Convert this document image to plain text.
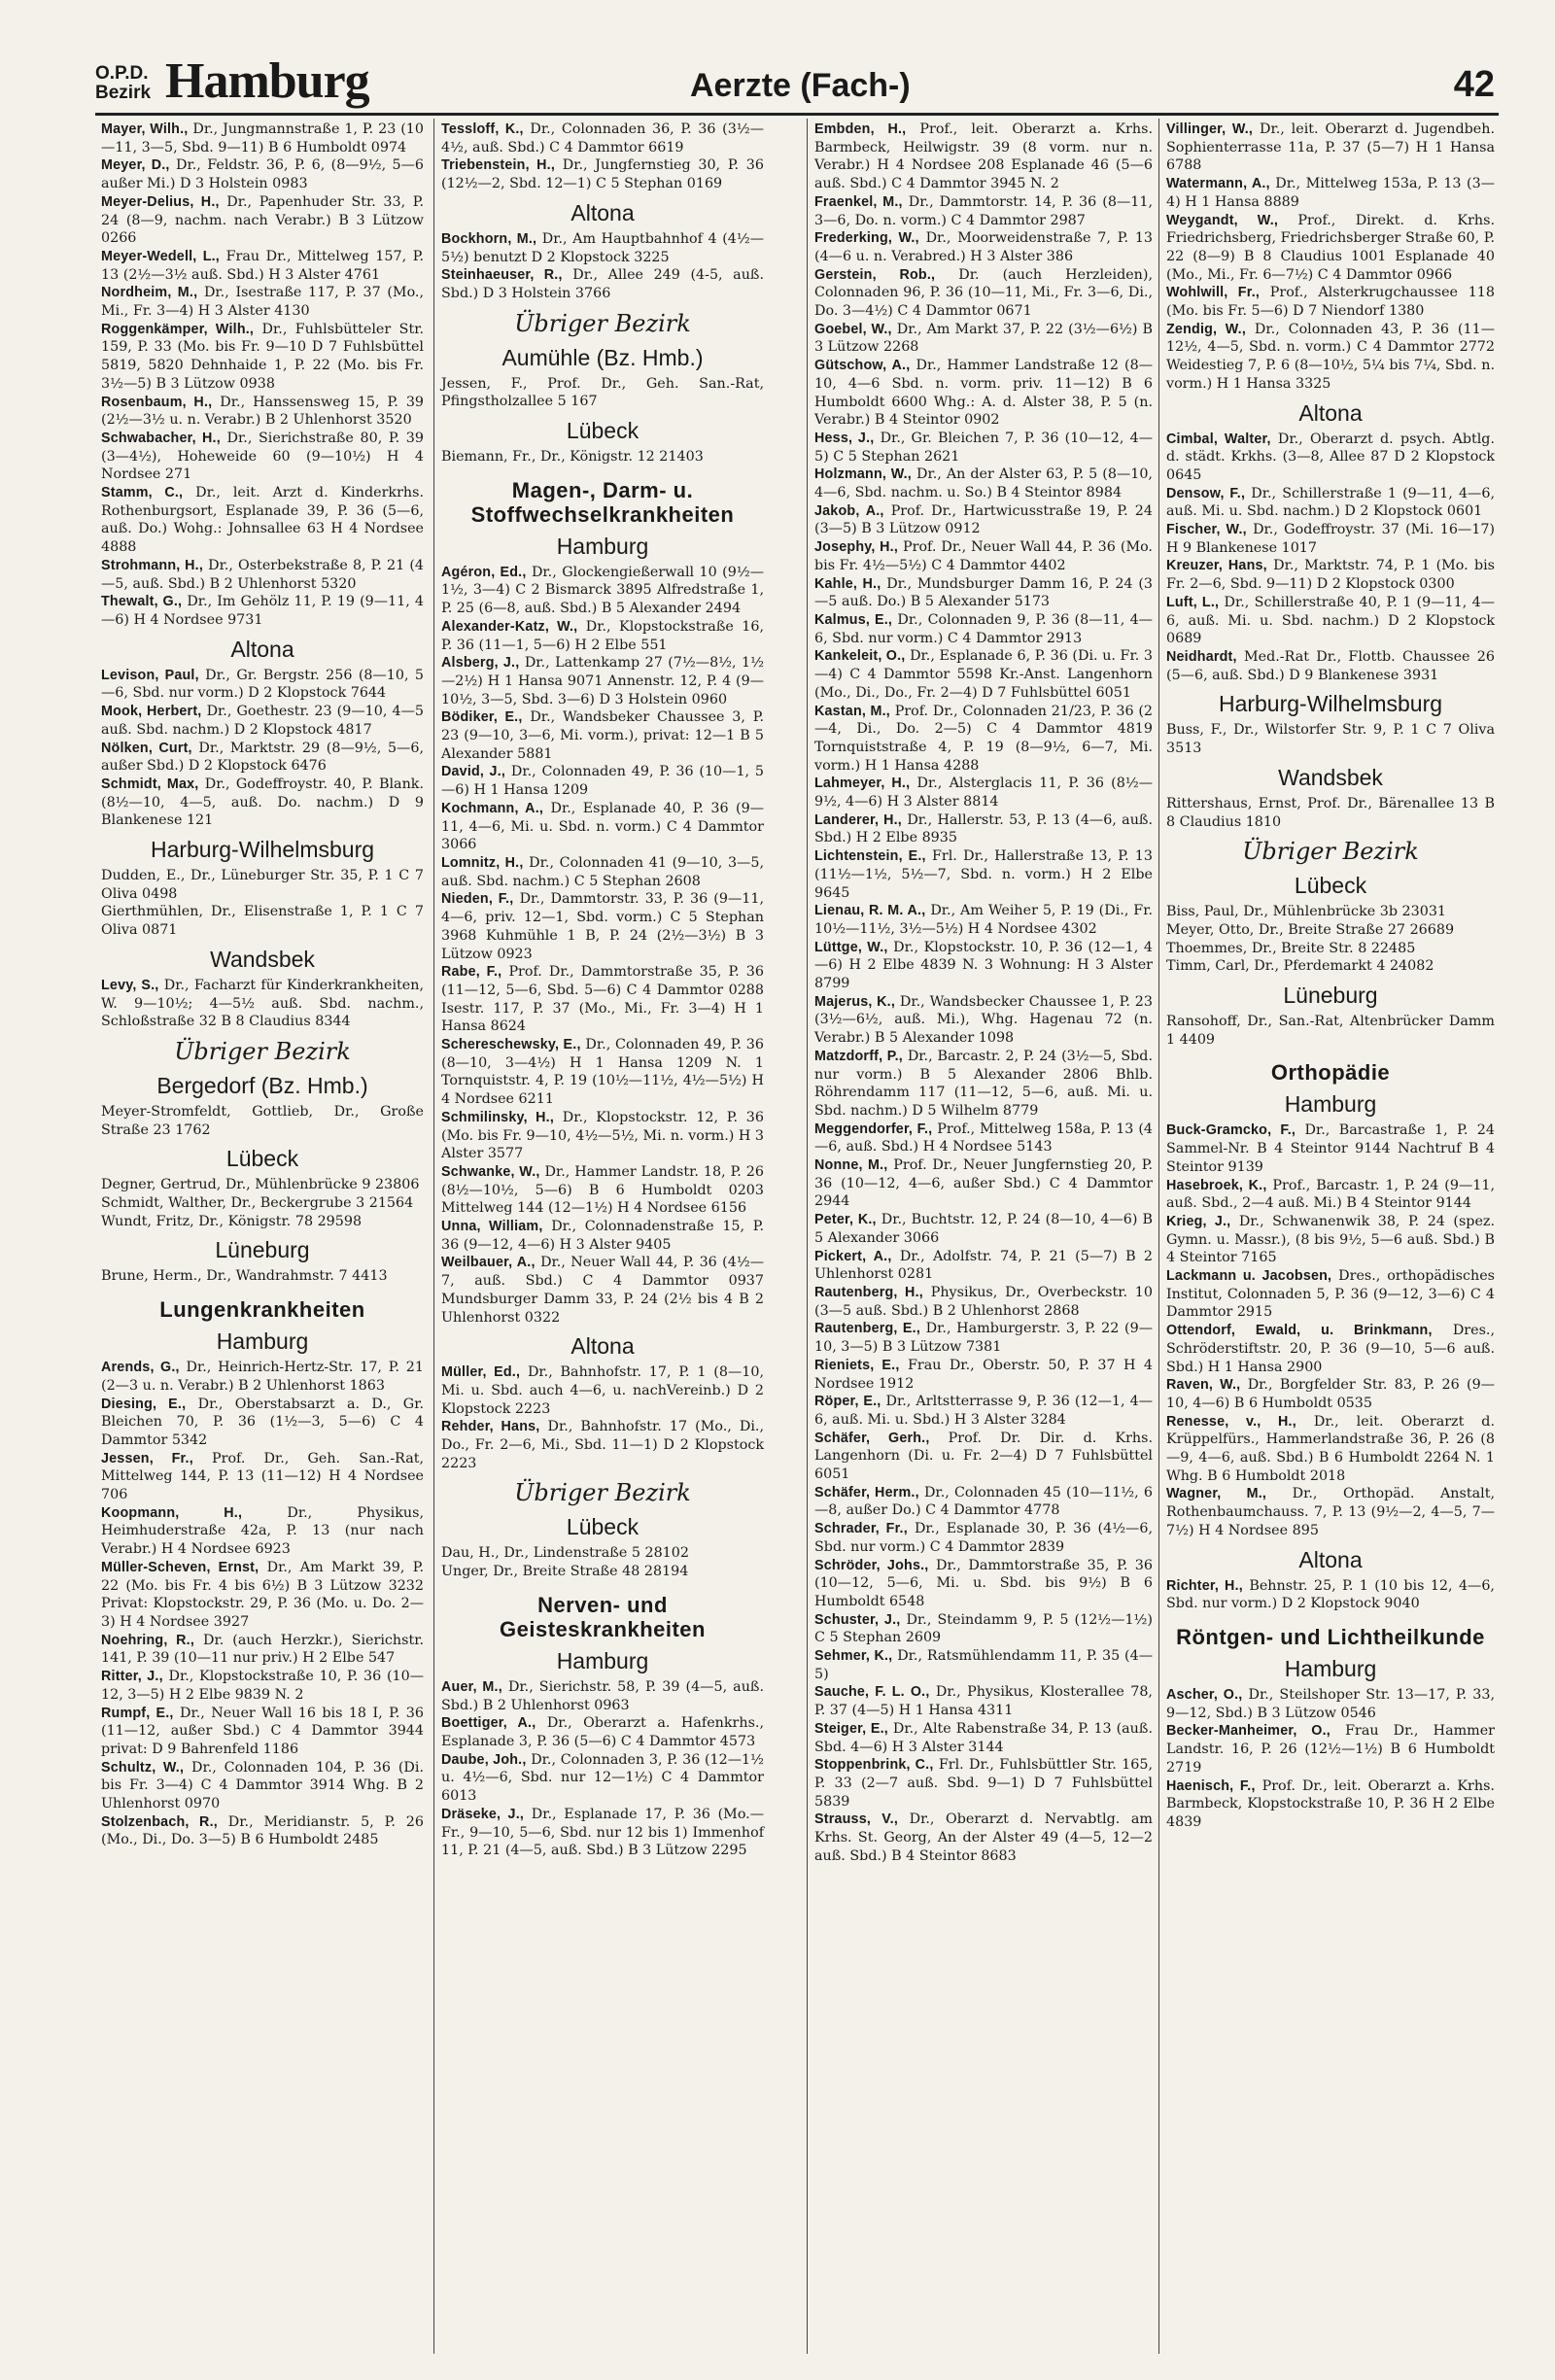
O.P.D.
Bezirk Hamburg	Aerzte (Fach-)	42

Mayer, Wilh., Dr., Jungmannstraße 1, P. 23 (10—11, 3—5, Sbd. 9—11) B 6 Humboldt 0974

Meyer, D., Dr., Feldstr. 36, P. 6, (8—9½, 5—6 außer Mi.) D 3 Holstein 0983

Meyer-Delius, H., Dr., Papenhuder Str. 33, P. 24 (8—9, nachm. nach Verabr.) B 3 Lützow 0266

Meyer-Wedell, L., Frau Dr., Mittelweg 157, P. 13 (2½—3½ auß. Sbd.) H 3 Alster 4761

Nordheim, M., Dr., Isestraße 117, P. 37 (Mo., Mi., Fr. 3—4) H 3 Alster 4130

Roggenkämper, Wilh., Dr., Fuhlsbütteler Str. 159, P. 33 (Mo. bis Fr. 9—10 D 7 Fuhlsbüttel 5819, 5820 Dehnhaide 1, P. 22 (Mo. bis Fr. 3½—5) B 3 Lützow 0938

Rosenbaum, H., Dr., Hanssensweg 15, P. 39 (2½—3½ u. n. Verabr.) B 2 Uhlenhorst 3520

Schwabacher, H., Dr., Sierichstraße 80, P. 39 (3—4½), Hoheweide 60 (9—10½) H 4 Nordsee 271

Stamm, C., Dr., leit. Arzt d. Kinderkrhs. Rothenburgsort, Esplanade 39, P. 36 (5—6, auß. Do.) Wohg.: Johnsallee 63 H 4 Nordsee 4888

Strohmann, H., Dr., Osterbekstraße 8, P. 21 (4—5, auß. Sbd.) B 2 Uhlenhorst 5320

Thewalt, G., Dr., Im Gehölz 11, P. 19 (9—11, 4—6) H 4 Nordsee 9731

Altona

Levison, Paul, Dr., Gr. Bergstr. 256 (8—10, 5—6, Sbd. nur vorm.) D 2 Klopstock 7644

Mook, Herbert, Dr., Goethestr. 23 (9—10, 4—5 auß. Sbd. nachm.) D 2 Klopstock 4817

Nölken, Curt, Dr., Marktstr. 29 (8—9½, 5—6, außer Sbd.) D 2 Klopstock 6476

Schmidt, Max, Dr., Godeffroystr. 40, P. Blank. (8½—10, 4—5, auß. Do. nachm.) D 9 Blankenese 121

Harburg-Wilhelmsburg

Dudden, E., Dr., Lüneburger Str. 35, P. 1 C 7 Oliva 0498

Gierthmühlen, Dr., Elisenstraße 1, P. 1 C 7 Oliva 0871

Wandsbek

Levy, S., Dr., Facharzt für Kinderkrankheiten, W. 9—10½; 4—5½ auß. Sbd. nachm., Schloßstraße 32 B 8 Claudius 8344

Übriger Bezirk
Bergedorf (Bz. Hmb.)

Meyer-Stromfeldt, Gottlieb, Dr., Große Straße 23 1762

Lübeck

Degner, Gertrud, Dr., Mühlenbrücke 9 23806

Schmidt, Walther, Dr., Beckergrube 3 21564

Wundt, Fritz, Dr., Königstr. 78 29598

Lüneburg

Brune, Herm., Dr., Wandrahmstr. 7 4413

Lungenkrankheiten
Hamburg

Arends, G., Dr., Heinrich-Hertz-Str. 17, P. 21 (2—3 u. n. Verabr.) B 2 Uhlenhorst 1863

Diesing, E., Dr., Oberstabsarzt a. D., Gr. Bleichen 70, P. 36 (1½—3, 5—6) C 4 Dammtor 5342

Jessen, Fr., Prof. Dr., Geh. San.-Rat, Mittelweg 144, P. 13 (11—12) H 4 Nordsee 706

Koopmann, H.,	Dr., Physikus, Heimhuderstraße 42a, P. 13 (nur nach Verabr.) H 4 Nordsee 6923

Müller-Scheven, Ernst, Dr., Am Markt 39, P. 22 (Mo. bis Fr. 4 bis 6½) B 3 Lützow 3232 Privat: Klopstockstr. 29, P. 36 (Mo. u. Do. 2—3) H 4 Nordsee 3927

Noehring, R., Dr. (auch Herzkr.), Sierichstr. 141, P. 39 (10—11 nur priv.) H 2 Elbe 547

Ritter, J., Dr., Klopstockstraße 10, P. 36 (10—12, 3—5) H 2 Elbe 9839 N. 2

Rumpf, E., Dr., Neuer Wall 16 bis 18 I, P. 36 (11—12, außer Sbd.) C 4 Dammtor 3944 privat: D 9 Bahrenfeld 1186

Schultz, W., Dr., Colonnaden 104, P. 36 (Di. bis Fr. 3—4) C 4 Dammtor 3914 Whg. B 2 Uhlenhorst 0970

Stolzenbach, R., Dr., Meridianstr. 5, P. 26 (Mo., Di., Do. 3—5) B 6 Humboldt 2485

Tessloff, K., Dr., Colonnaden 36, P. 36 (3½—4½, auß. Sbd.) C 4 Dammtor 6619

Triebenstein, H., Dr., Jungfernstieg 30, P. 36 (12½—2, Sbd. 12—1) C 5 Stephan 0169

Altona

Bockhorn, M., Dr., Am Hauptbahnhof 4 (4½—5½) benutzt D 2 Klopstock 3225

Steinhaeuser, R., Dr., Allee 249 (4-5, auß. Sbd.) D 3 Holstein 3766

Übriger Bezirk
Aumühle (Bz. Hmb.)

Jessen, F., Prof. Dr., Geh. San.-Rat, Pfingstholzallee 5 167

Lübeck

Biemann, Fr., Dr., Königstr. 12 21403

Magen-, Darm- u. Stoffwechselkrankheiten
Hamburg

Agéron, Ed., Dr., Glockengießerwall 10 (9½—1½, 3—4) C 2 Bismarck 3895 Alfredstraße 1, P. 25 (6—8, auß. Sbd.) B 5 Alexander 2494

Alexander-Katz, W., Dr., Klopstockstraße 16, P. 36 (11—1, 5—6) H 2 Elbe 551

Alsberg, J., Dr., Lattenkamp 27 (7½—8½, 1½—2½) H 1 Hansa 9071 Annenstr. 12, P. 4 (9—10½, 3—5, Sbd. 3—6) D 3 Holstein 0960

Bödiker, E., Dr., Wandsbeker Chaussee 3, P. 23 (9—10, 3—6, Mi. vorm.), privat: 12—1 B 5 Alexander 5881

David, J., Dr., Colonnaden 49, P. 36 (10—1, 5—6) H 1 Hansa 1209

Kochmann, A., Dr., Esplanade 40, P. 36 (9—11, 4—6, Mi. u. Sbd. n. vorm.) C 4 Dammtor 3066

Lomnitz, H., Dr., Colonnaden 41 (9—10, 3—5, auß. Sbd. nachm.) C 5 Stephan 2608

Nieden, F., Dr., Dammtorstr. 33, P. 36 (9—11, 4—6, priv. 12—1, Sbd. vorm.) C 5 Stephan 3968 Kuhmühle 1 B, P. 24 (2½—3½) B 3 Lützow 0923

Rabe, F., Prof. Dr., Dammtorstraße 35, P. 36 (11—12, 5—6, Sbd. 5—6) C 4 Dammtor 0288 Isestr. 117, P. 37 (Mo., Mi., Fr. 3—4) H 1 Hansa 8624

Schereschewsky, E., Dr., Colonnaden 49, P. 36 (8—10, 3—4½) H 1 Hansa 1209 N. 1 Tornquiststr. 4, P. 19 (10½—11½, 4½—5½) H 4 Nordsee 6211

Schmilinsky, H., Dr., Klopstockstr. 12, P. 36 (Mo. bis Fr. 9—10, 4½—5½, Mi. n. vorm.) H 3 Alster 3577

Schwanke, W., Dr., Hammer Landstr. 18, P. 26 (8½—10½, 5—6) B 6 Humboldt 0203 Mittelweg 144 (12—1½) H 4 Nordsee 6156

Unna, William, Dr., Colonnadenstraße 15, P. 36 (9—12, 4—6) H 3 Alster 9405

Weilbauer, A., Dr., Neuer Wall 44, P. 36 (4½—7, auß. Sbd.) C 4 Dammtor 0937 Mundsburger Damm 33, P. 24 (2½ bis 4 B 2 Uhlenhorst 0322

Altona

Müller, Ed., Dr., Bahnhofstr. 17, P. 1 (8—10, Mi. u. Sbd. auch 4—6, u. nachVereinb.) D 2 Klopstock 2223

Rehder, Hans, Dr., Bahnhofstr. 17 (Mo., Di., Do., Fr. 2—6, Mi., Sbd. 11—1) D 2 Klopstock 2223

Übriger Bezirk
Lübeck

Dau, H., Dr., Lindenstraße 5 28102

Unger, Dr., Breite Straße 48 28194

Nerven- und Geisteskrankheiten
Hamburg

Auer, M., Dr., Sierichstr. 58, P. 39 (4—5, auß. Sbd.) B 2 Uhlenhorst 0963

Boettiger, A., Dr., Oberarzt a. Hafenkrhs., Esplanade 3, P. 36 (5—6) C 4 Dammtor 4573

Daube, Joh., Dr., Colonnaden 3, P. 36 (12—1½ u. 4½—6, Sbd. nur 12—1½) C 4 Dammtor 6013

Dräseke, J., Dr., Esplanade 17, P. 36 (Mo.—Fr., 9—10, 5—6, Sbd. nur 12 bis 1) Immenhof 11, P. 21 (4—5, auß. Sbd.) B 3 Lützow 2295

Embden, H., Prof., leit. Oberarzt a. Krhs. Barmbeck, Heilwigstr. 39 (8 vorm. nur n. Verabr.) H 4 Nordsee 208 Esplanade 46 (5—6 auß. Sbd.) C 4 Dammtor 3945 N. 2

Fraenkel, M., Dr., Dammtorstr. 14, P. 36 (8—11, 3—6, Do. n. vorm.) C 4 Dammtor 2987

Frederking, W., Dr., Moorweidenstraße 7, P. 13 (4—6 u. n. Verabred.) H 3 Alster 386

Gerstein, Rob., Dr. (auch Herzleiden), Colonnaden 96, P. 36 (10—11, Mi., Fr. 3—6, Di., Do. 3—4½) C 4 Dammtor 0671

Goebel, W., Dr., Am Markt 37, P. 22 (3½—6½) B 3 Lützow 2268

Gütschow, A., Dr., Hammer Landstraße 12 (8—10, 4—6 Sbd. n. vorm. priv. 11—12) B 6 Humboldt 6600 Whg.: A. d. Alster 38, P. 5 (n. Verabr.) B 4 Steintor 0902

Hess, J., Dr., Gr. Bleichen 7, P. 36 (10—12, 4—5) C 5 Stephan 2621

Holzmann, W., Dr., An der Alster 63, P. 5 (8—10, 4—6, Sbd. nachm. u. So.) B 4 Steintor 8984

Jakob, A., Prof. Dr., Hartwicusstraße 19, P. 24 (3—5) B 3 Lützow 0912

Josephy, H., Prof. Dr., Neuer Wall 44, P. 36 (Mo. bis Fr. 4½—5½) C 4 Dammtor 4402

Kahle, H., Dr., Mundsburger Damm 16, P. 24 (3—5 auß. Do.) B 5 Alexander 5173

Kalmus, E., Dr., Colonnaden 9, P. 36 (8—11, 4—6, Sbd. nur vorm.) C 4 Dammtor 2913

Kankeleit, O., Dr., Esplanade 6, P. 36 (Di. u. Fr. 3—4) C 4 Dammtor 5598 Kr.-Anst. Langenhorn (Mo., Di., Do., Fr. 2—4) D 7 Fuhlsbüttel 6051

Kastan, M., Prof. Dr., Colonnaden 21/23, P. 36 (2—4, Di., Do. 2—5) C 4 Dammtor 4819 Tornquiststraße 4, P. 19 (8—9½, 6—7, Mi. vorm.) H 1 Hansa 4288

Lahmeyer, H., Dr., Alsterglacis 11, P. 36 (8½—9½, 4—6) H 3 Alster 8814

Landerer, H., Dr., Hallerstr. 53, P. 13 (4—6, auß. Sbd.) H 2 Elbe 8935

Lichtenstein, E., Frl. Dr., Hallerstraße 13, P. 13 (11½—1½, 5½—7, Sbd. n. vorm.) H 2 Elbe 9645

Lienau, R. M. A., Dr., Am Weiher 5, P. 19 (Di., Fr. 10½—11½, 3½—5½) H 4 Nordsee 4302

Lüttge, W., Dr., Klopstockstr. 10, P. 36 (12—1, 4—6) H 2 Elbe 4839 N. 3 Wohnung: H 3 Alster 8799

Majerus, K., Dr., Wandsbecker Chaussee 1, P. 23 (3½—6½, auß. Mi.), Whg. Hagenau 72 (n. Verabr.) B 5 Alexander 1098

Matzdorff, P., Dr., Barcastr. 2, P. 24 (3½—5, Sbd. nur vorm.) B 5 Alexander 2806 Bhlb. Röhrendamm 117 (11—12, 5—6, auß. Mi. u. Sbd. nachm.) D 5 Wilhelm 8779

Meggendorfer, F., Prof., Mittelweg 158a, P. 13 (4—6, auß. Sbd.) H 4 Nordsee 5143

Nonne, M., Prof. Dr., Neuer Jungfernstieg 20, P. 36 (10—12, 4—6, außer Sbd.) C 4 Dammtor 2944

Peter, K., Dr., Buchtstr. 12, P. 24 (8—10, 4—6) B 5 Alexander 3066

Pickert, A., Dr., Adolfstr. 74, P. 21 (5—7) B 2 Uhlenhorst 0281

Rautenberg, H., Physikus, Dr., Overbeckstr. 10 (3—5 auß. Sbd.) B 2 Uhlenhorst 2868

Rautenberg, E., Dr., Hamburgerstr. 3, P. 22 (9—10, 3—5) B 3 Lützow 7381

Rieniets, E., Frau Dr., Oberstr. 50, P. 37 H 4 Nordsee 1912

Röper, E., Dr., Arltstterrasse 9, P. 36 (12—1, 4—6, auß. Mi. u. Sbd.) H 3 Alster 3284

Schäfer, Gerh., Prof. Dr. Dir. d. Krhs. Langenhorn (Di. u. Fr. 2—4) D 7 Fuhlsbüttel 6051

Schäfer, Herm., Dr., Colonnaden 45 (10—11½, 6—8, außer Do.) C 4 Dammtor 4778

Schrader, Fr., Dr., Esplanade 30, P. 36 (4½—6, Sbd. nur vorm.) C 4 Dammtor 2839

Schröder, Johs., Dr., Dammtorstraße 35, P. 36 (10—12, 5—6, Mi. u. Sbd. bis 9½) B 6 Humboldt 6548

Schuster, J., Dr., Steindamm 9, P. 5 (12½—1½) C 5 Stephan 2609

Sehmer, K., Dr., Ratsmühlendamm 11, P. 35 (4—5)

Sauche, F. L. O., Dr., Physikus, Klosterallee 78, P. 37 (4—5) H 1 Hansa 4311

Steiger, E., Dr., Alte Rabenstraße 34, P. 13 (auß. Sbd. 4—6) H 3 Alster 3144

Stoppenbrink, C., Frl. Dr., Fuhlsbüttler Str. 165, P. 33 (2—7 auß. Sbd. 9—1) D 7 Fuhlsbüttel 5839

Strauss, V., Dr., Oberarzt d. Nervabtlg. am Krhs. St. Georg, An der Alster 49 (4—5, 12—2 auß. Sbd.) B 4 Steintor 8683

Villinger, W., Dr., leit. Oberarzt d. Jugendbeh. Sophienterrasse 11a, P. 37 (5—7) H 1 Hansa 6788

Watermann, A., Dr., Mittelweg 153a, P. 13 (3—4) H 1 Hansa 8889

Weygandt, W., Prof., Direkt. d. Krhs. Friedrichsberg, Friedrichsberger Straße 60, P. 22 (8—9) B 8 Claudius 1001 Esplanade 40 (Mo., Mi., Fr. 6—7½) C 4 Dammtor 0966

Wohlwill, Fr., Prof., Alsterkrugchaussee 118 (Mo. bis Fr. 5—6) D 7 Niendorf 1380

Zendig, W., Dr., Colonnaden 43, P. 36 (11—12½, 4—5, Sbd. n. vorm.) C 4 Dammtor 2772 Weidestieg 7, P. 6 (8—10½, 5¼ bis 7¼, Sbd. n. vorm.) H 1 Hansa 3325

Altona

Cimbal, Walter, Dr., Oberarzt d. psych. Abtlg. d. städt. Krkhs. (3—8, Allee 87 D 2 Klopstock 0645

Densow, F., Dr., Schillerstraße 1 (9—11, 4—6, auß. Mi. u. Sbd. nachm.) D 2 Klopstock 0601

Fischer, W., Dr., Godeffroystr. 37 (Mi. 16—17) H 9 Blankenese 1017

Kreuzer, Hans, Dr., Marktstr. 74, P. 1 (Mo. bis Fr. 2—6, Sbd. 9—11) D 2 Klopstock 0300

Luft, L., Dr., Schillerstraße 40, P. 1 (9—11, 4—6, auß. Mi. u. Sbd. nachm.) D 2 Klopstock 0689

Neidhardt, Med.-Rat Dr., Flottb. Chaussee 26 (5—6, auß. Sbd.) D 9 Blankenese 3931

Harburg-Wilhelmsburg

Buss, F., Dr., Wilstorfer Str. 9, P. 1 C 7 Oliva 3513

Wandsbek

Rittershaus, Ernst, Prof. Dr., Bärenallee 13 B 8 Claudius 1810

Übriger Bezirk
Lübeck

Biss, Paul, Dr., Mühlenbrücke 3b 23031

Meyer, Otto, Dr., Breite Straße 27 26689

Thoemmes, Dr., Breite Str. 8 22485

Timm, Carl, Dr., Pferdemarkt 4 24082

Lüneburg

Ransohoff, Dr., San.-Rat, Altenbrücker Damm 1 4409

Orthopädie
Hamburg

Buck-Gramcko, F., Dr., Barcastraße 1, P. 24 Sammel-Nr. B 4 Steintor 9144 Nachtruf B 4 Steintor 9139

Hasebroek, K., Prof., Barcastr. 1, P. 24 (9—11, auß. Sbd., 2—4 auß. Mi.) B 4 Steintor 9144

Krieg, J., Dr., Schwanenwik 38, P. 24 (spez. Gymn. u. Massr.), (8 bis 9½, 5—6 auß. Sbd.) B 4 Steintor 7165

Lackmann u. Jacobsen, Dres., orthopädisches Institut, Colonnaden 5, P. 36 (9—12, 3—6) C 4 Dammtor 2915

Ottendorf, Ewald, u. Brinkmann, Dres., Schröderstiftstr. 20, P. 36 (9—10, 5—6 auß. Sbd.) H 1 Hansa 2900

Raven, W., Dr., Borgfelder Str. 83, P. 26 (9—10, 4—6) B 6 Humboldt 0535

Renesse, v., H., Dr., leit. Oberarzt d. Krüppelfürs., Hammerlandstraße 36, P. 26 (8—9, 4—6, auß. Sbd.) B 6 Humboldt 2264 N. 1 Whg. B 6 Humboldt 2018

Wagner, M., Dr., Orthopäd. Anstalt, Rothenbaumchauss. 7, P. 13 (9½—2, 4—5, 7—7½) H 4 Nordsee 895

Altona

Richter, H., Behnstr. 25, P. 1 (10 bis 12, 4—6, Sbd. nur vorm.) D 2 Klopstock 9040

Röntgen- und Lichtheilkunde
Hamburg

Ascher, O., Dr., Steilshoper Str. 13—17, P. 33, 9—12, Sbd.) B 3 Lützow 0546

Becker-Manheimer, O., Frau Dr., Hammer Landstr. 16, P. 26 (12½—1½) B 6 Humboldt 2719

Haenisch, F., Prof. Dr., leit. Oberarzt a. Krhs. Barmbeck, Klopstockstraße 10, P. 36 H 2 Elbe 4839
